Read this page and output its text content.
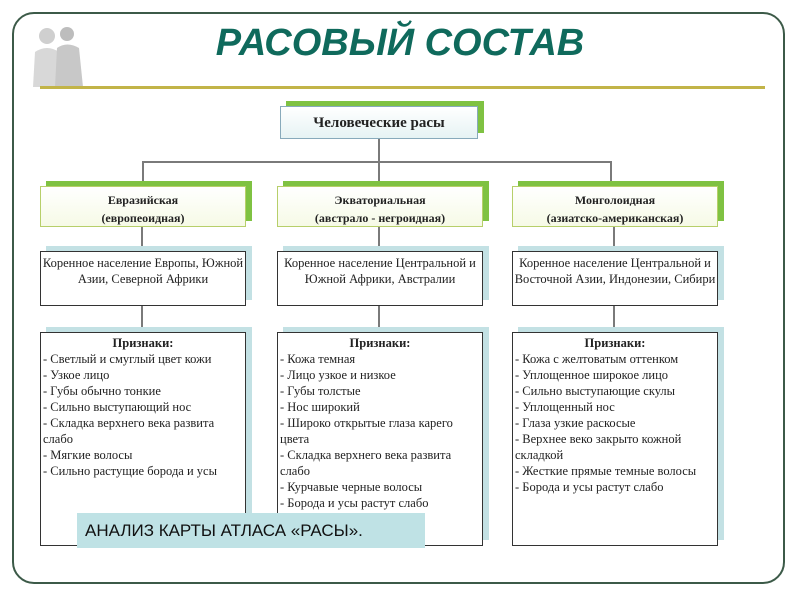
РАСОВЫЙ СОСТАВ
Человеческие расы
Евразийская
(европеоидная)
Коренное население Европы, Южной Азии, Северной Африки
Признаки:
- Светлый и смуглый цвет кожи
- Узкое лицо
- Губы обычно тонкие
- Сильно выступающий нос
- Складка верхнего века развита слабо
- Мягкие волосы
- Сильно растущие борода и усы
Экваториальная
(австрало - негроидная)
Коренное население Центральной и Южной Африки, Австралии
Признаки:
- Кожа темная
- Лицо узкое и низкое
- Губы толстые
- Нос широкий
- Широко открытые глаза карего цвета
- Складка верхнего века развита слабо
- Курчавые черные волосы
- Борода и усы растут слабо
Монголоидная
(азиатско-американская)
Коренное население Центральной и Восточной Азии, Индонезии, Сибири
Признаки:
- Кожа с желтоватым оттенком
- Уплощенное широкое лицо
- Сильно выступающие скулы
- Уплощенный нос
- Глаза узкие раскосые
- Верхнее веко закрыто кожной складкой
- Жесткие прямые темные волосы
- Борода и усы растут слабо
АНАЛИЗ КАРТЫ АТЛАСА «РАСЫ».
